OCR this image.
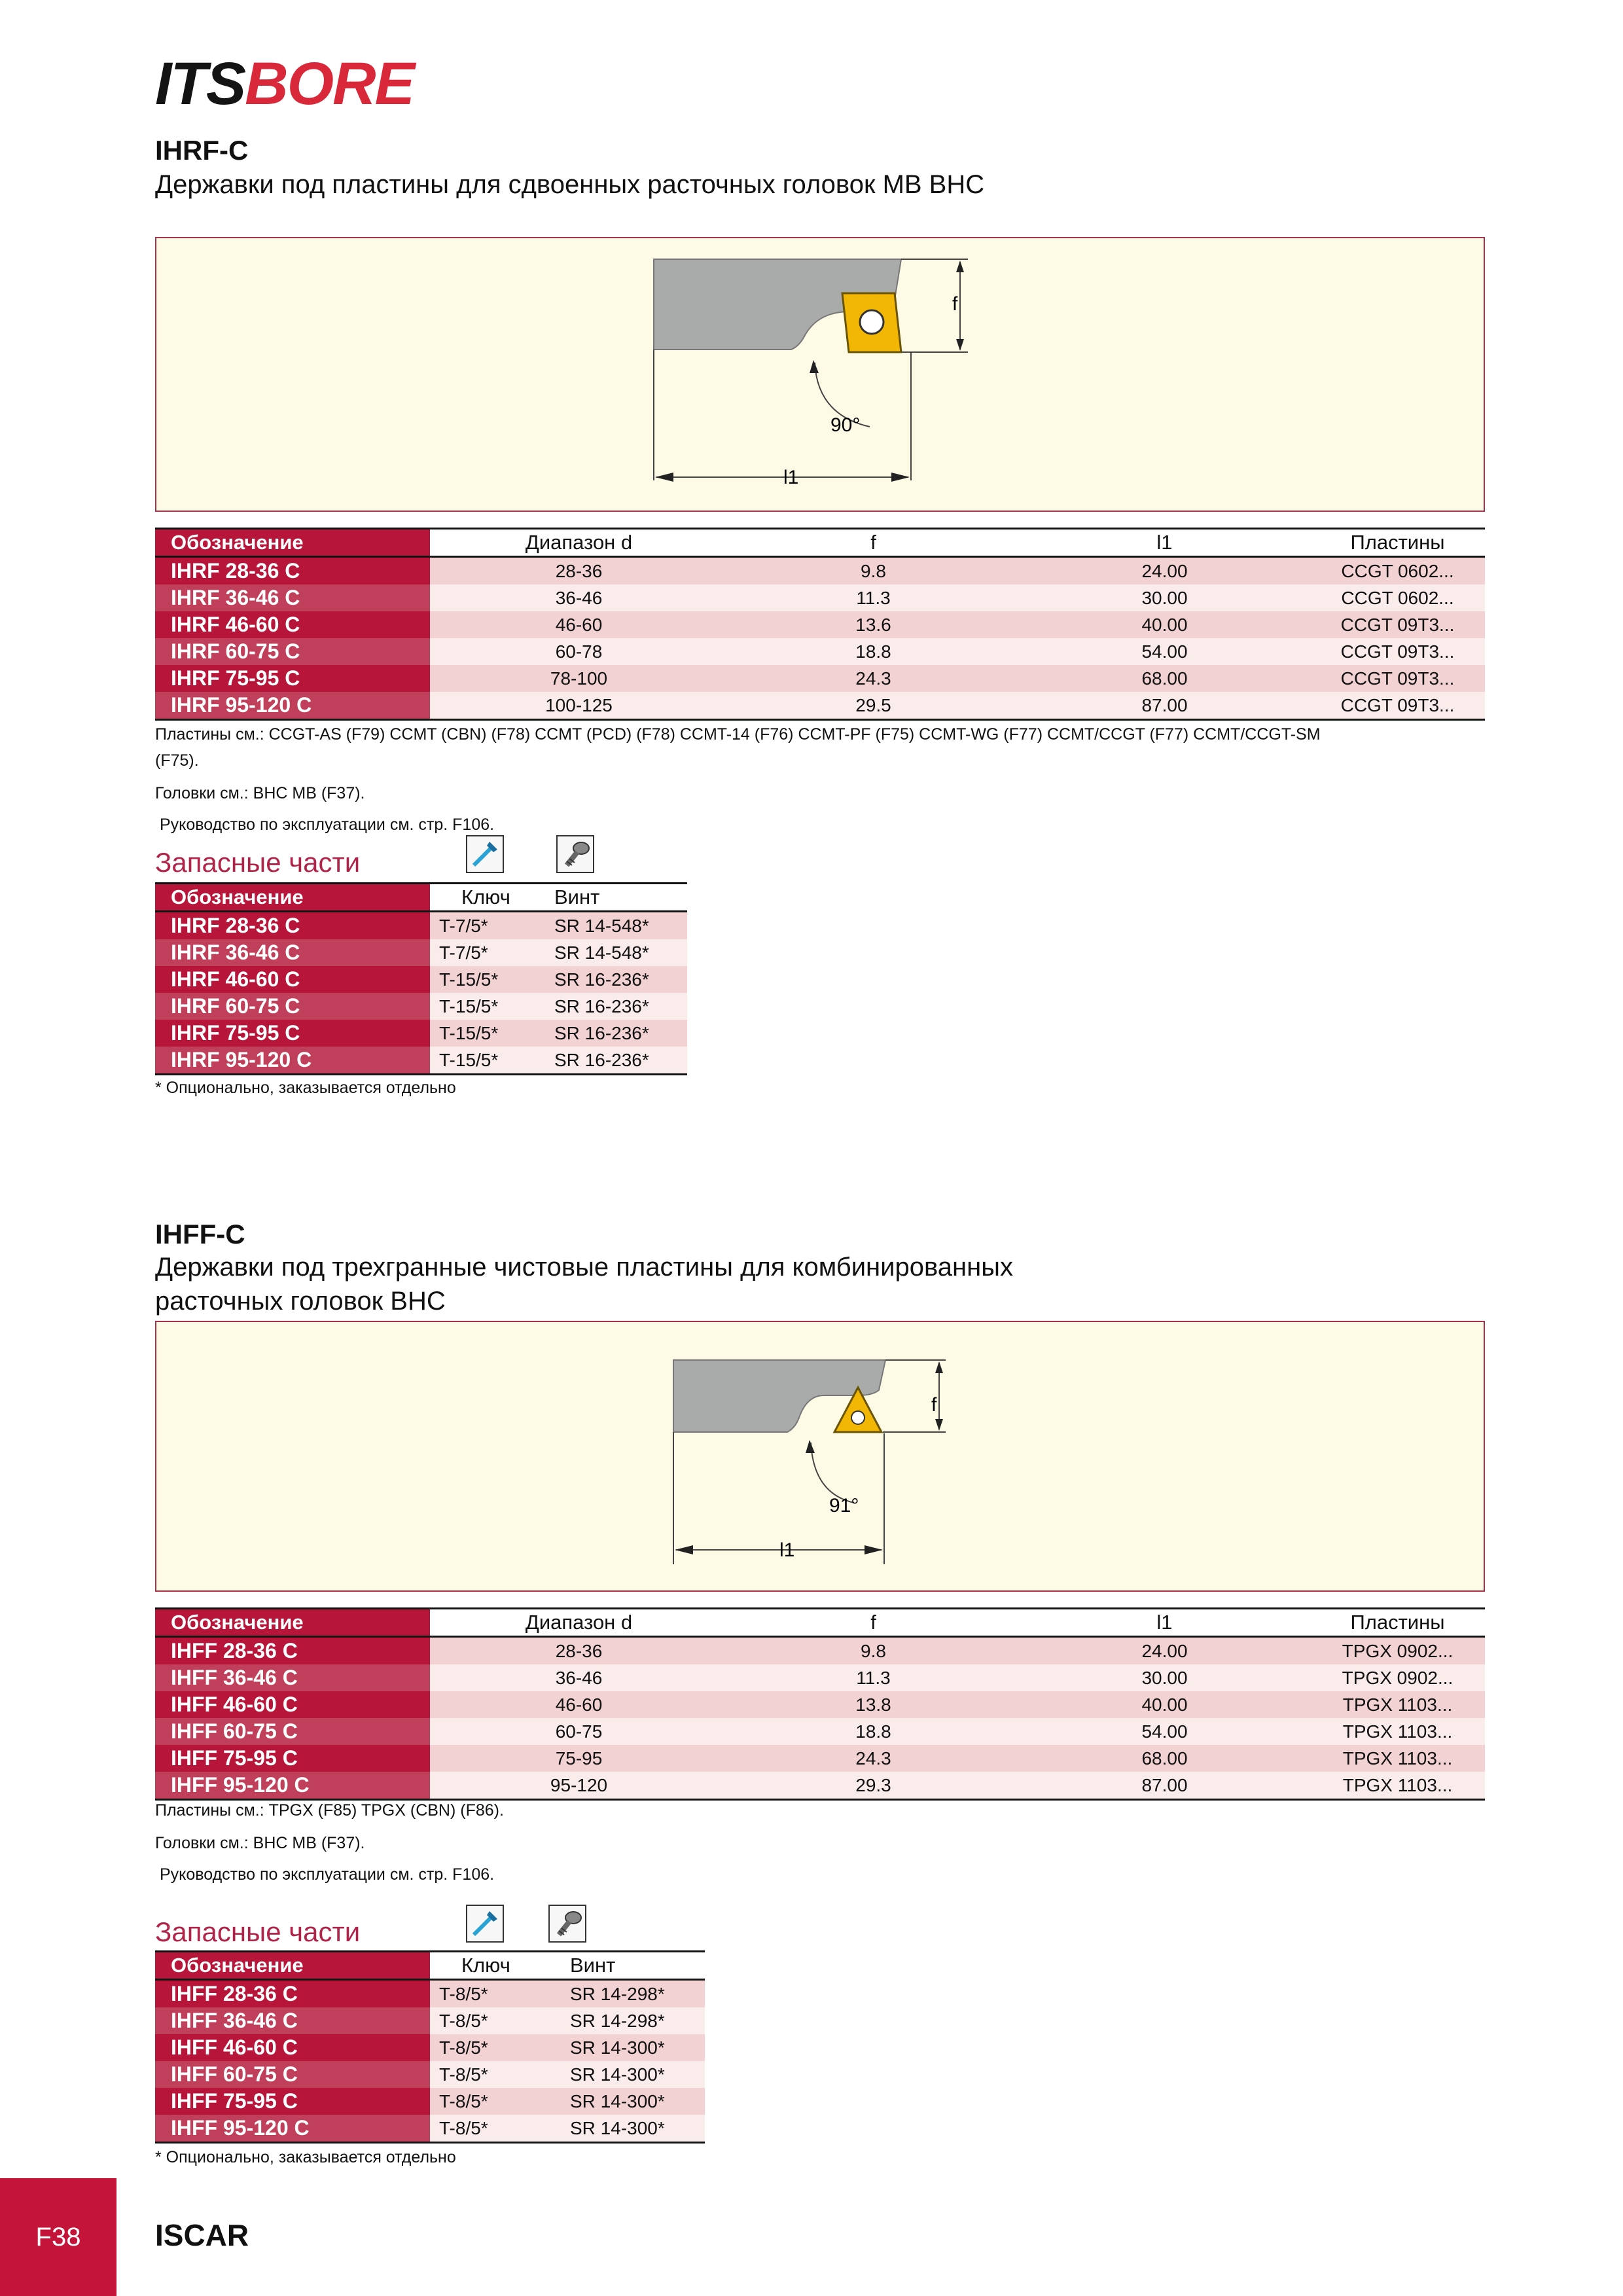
ITSBORE
IHRF-C
Державки под пластины для сдвоенных расточных головок MB BHC
f
90°
l1
Обозначение	Диапазон d	f	l1	Пластины
IHRF 28-36 C	28-36	9.8	24.00	CCGT 0602...
IHRF 36-46 C	36-46	11.3	30.00	CCGT 0602...
IHRF 46-60 C	46-60	13.6	40.00	CCGT 09T3...
IHRF 60-75 C	60-78	18.8	54.00	CCGT 09T3...
IHRF 75-95 C	78-100	24.3	68.00	CCGT 09T3...
IHRF 95-120 C	100-125	29.5	87.00	CCGT 09T3...
Пластины см.: CCGT-AS (F79) CCMT (CBN) (F78) CCMT (PCD) (F78) CCMT-14 (F76) CCMT-PF (F75) CCMT-WG (F77) CCMT/CCGT (F77) CCMT/CCGT-SM
(F75).
Головки см.: BHC MB (F37).
Руководство по эксплуатации см. стр. F106.
Запасные части
Обозначение	Ключ	Винт
IHRF 28-36 C	T-7/5*	SR 14-548*
IHRF 36-46 C	T-7/5*	SR 14-548*
IHRF 46-60 C	T-15/5*	SR 16-236*
IHRF 60-75 C	T-15/5*	SR 16-236*
IHRF 75-95 C	T-15/5*	SR 16-236*
IHRF 95-120 C	T-15/5*	SR 16-236*
* Опционально, заказывается отдельно
IHFF-C
Державки под трехгранные чистовые пластины для комбинированных
расточных головок BHC
f
91°
l1
Обозначение	Диапазон d	f	l1	Пластины
IHFF 28-36 C	28-36	9.8	24.00	TPGX 0902...
IHFF 36-46 C	36-46	11.3	30.00	TPGX 0902...
IHFF 46-60 C	46-60	13.8	40.00	TPGX 1103...
IHFF 60-75 C	60-75	18.8	54.00	TPGX 1103...
IHFF 75-95 C	75-95	24.3	68.00	TPGX 1103...
IHFF 95-120 C	95-120	29.3	87.00	TPGX 1103...
Пластины см.: TPGX (F85) TPGX (CBN) (F86).
Головки см.: BHC MB (F37).
Руководство по эксплуатации см. стр. F106.
Запасные части
Обозначение	Ключ	Винт
IHFF 28-36 C	T-8/5*	SR 14-298*
IHFF 36-46 C	T-8/5*	SR 14-298*
IHFF 46-60 C	T-8/5*	SR 14-300*
IHFF 60-75 C	T-8/5*	SR 14-300*
IHFF 75-95 C	T-8/5*	SR 14-300*
IHFF 95-120 C	T-8/5*	SR 14-300*
* Опционально, заказывается отдельно
F38	ISCAR
